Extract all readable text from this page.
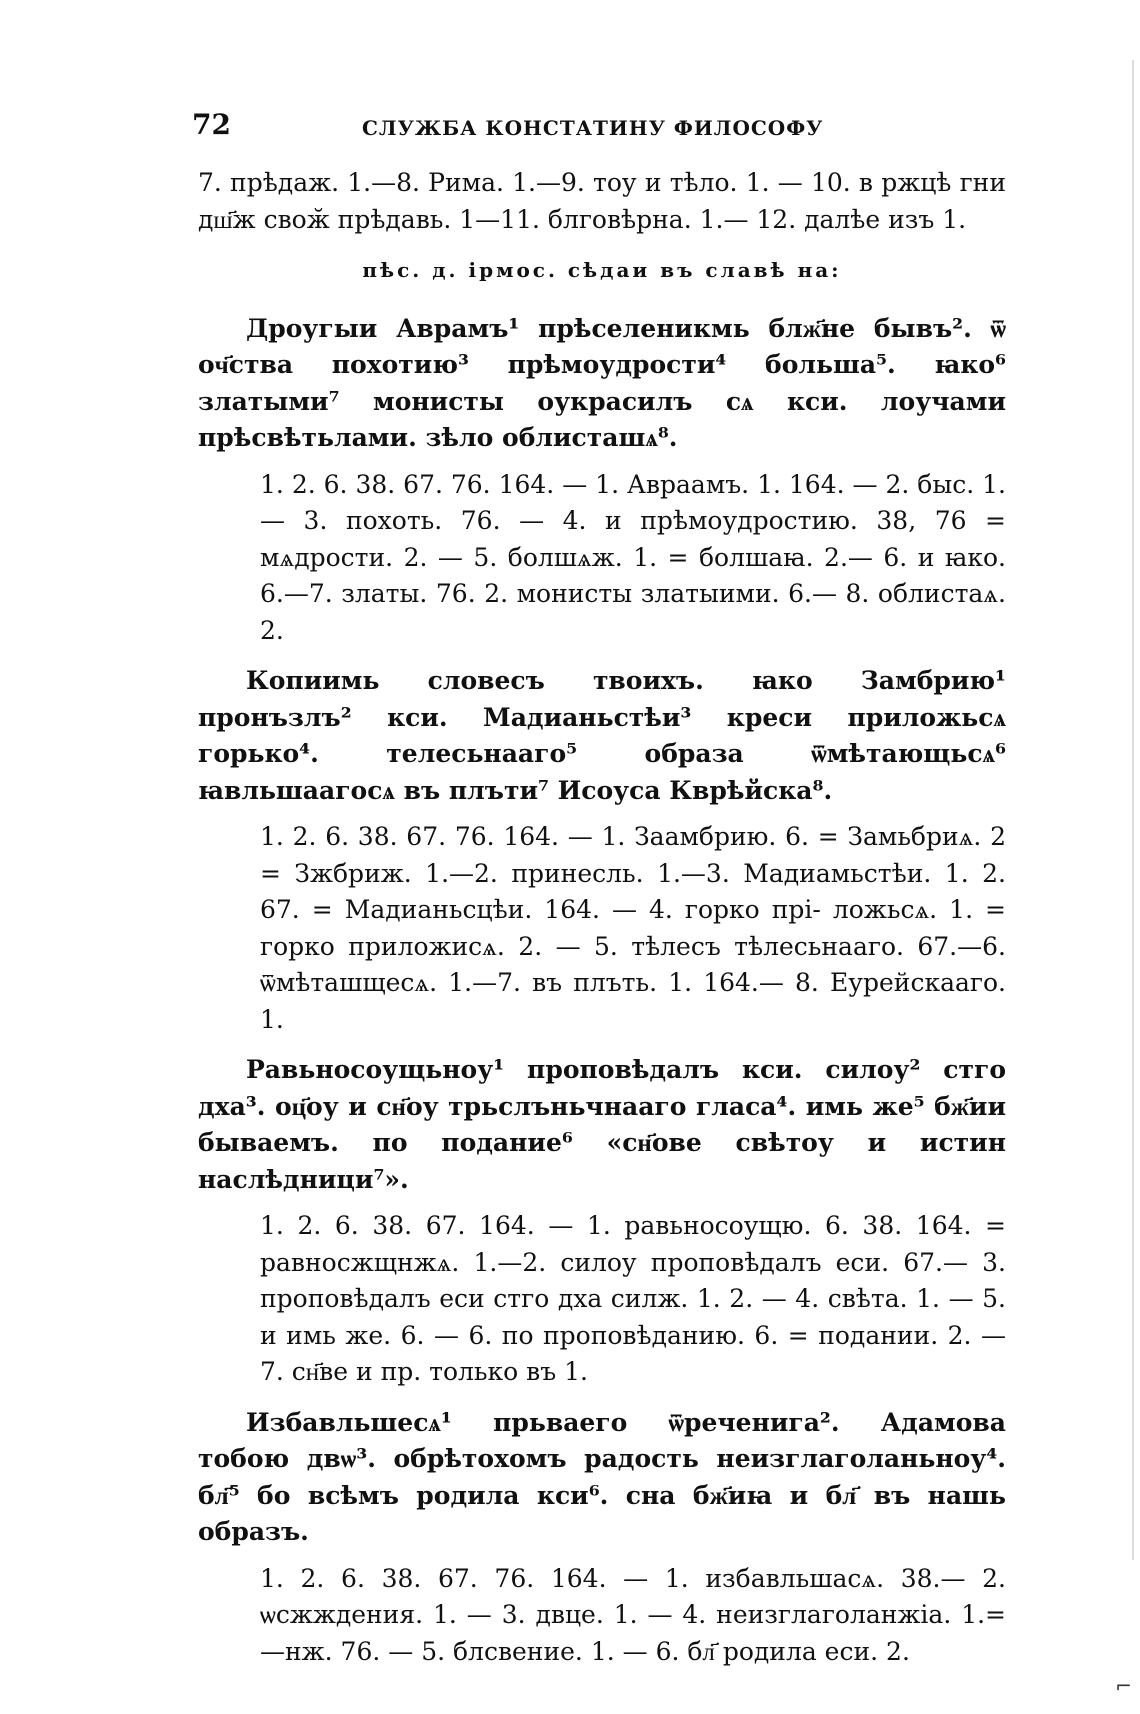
72	СЛУЖБА КОНСТАТИНУ ФИЛОСОФУ

7. прѣдаж. 1.—8. Рима. 1.—9. тоу и тѣло. 1. — 10. в ржцѣ гни дш҃ж своӂ прѣдавь. 1—11. блговѣрна. 1.— 12. далѣе изъ 1.

пѣс. д. ірмос. сѣдаи въ славѣ на:

Дроугыи Аврамъ¹ прѣселеникмь блж҃не бывъ². ѿ оч҃ства похотию³ прѣмоудрости⁴ больша⁵. ꙗко⁶ златыми⁷ монисты оукрасилъ сѧ кси. лоучами прѣсвѣтьлами. зѣло облисташѧ⁸.

1. 2. 6. 38. 67. 76. 164. — 1. Авраамъ. 1. 164. — 2. быс. 1. — 3. похоть. 76. — 4. и прѣмоудростию. 38, 76 = мѧдрости. 2. — 5. болшѧж. 1. = болшаꙗ. 2.— 6. и ꙗко. 6.—7. златы. 76. 2. монисты златыими. 6.— 8. облистаѧ. 2.

Копиимь словесъ твоихъ. ꙗко Замбрию¹ пронъзлъ² кси. Мадианьстѣи³ креси приложьсѧ горько⁴. телесьнааго⁵ образа ѿмѣтающьсѧ⁶ ꙗвльшаагосѧ въ плъти⁷ Исоуса Кврѣйска⁸.

1. 2. 6. 38. 67. 76. 164. — 1. Заамбрию. 6. = Замьбриѧ. 2 = Зжбриж. 1.—2. принесль. 1.—3. Мадиамьстѣи. 1. 2. 67. = Мадианьсцѣи. 164. — 4. горко прі- ложьсѧ. 1. = горко приложисѧ. 2. — 5. тѣлесъ тѣлесьнааго. 67.—6. ѿмѣташщесѧ. 1.—7. въ плъть. 1. 164.— 8. Еурейскааго. 1.

Равьносоущьноу¹ проповѣдалъ кси. силоу² стго дха³. оц҃оу и сн҃оу трьслъньчнааго гласа⁴. имь же⁵ бж҃ии бываемъ. по подание⁶ «сн҃ове свѣтоу и истин наслѣдници⁷».

1. 2. 6. 38. 67. 164. — 1. равьносоущю. 6. 38. 164. = равносжщнжѧ. 1.—2. силоу проповѣдалъ еси. 67.— 3. проповѣдалъ еси стго дха силж. 1. 2. — 4. свѣта. 1. — 5. и имь же. 6. — 6. по проповѣданию. 6. = подании. 2. — 7. сн҃ве и пр. только въ 1.

Избавльшесѧ¹ прьваего ѿреченига². Адамова тобою двѡ³. обрѣтохомъ радость неизглаголаньноу⁴. бл҃⁵ бо всѣмъ родила кси⁶. сна бж҃иꙗ и бл҃ въ нашь образъ.

1. 2. 6. 38. 67. 76. 164. — 1. избавльшасѧ. 38.— 2. ѡсжждения. 1. — 3. двце. 1. — 4. неизглаголанжіа. 1.= —нж. 76. — 5. блсвение. 1. — 6. бл҃ родила еси. 2.

⌐
